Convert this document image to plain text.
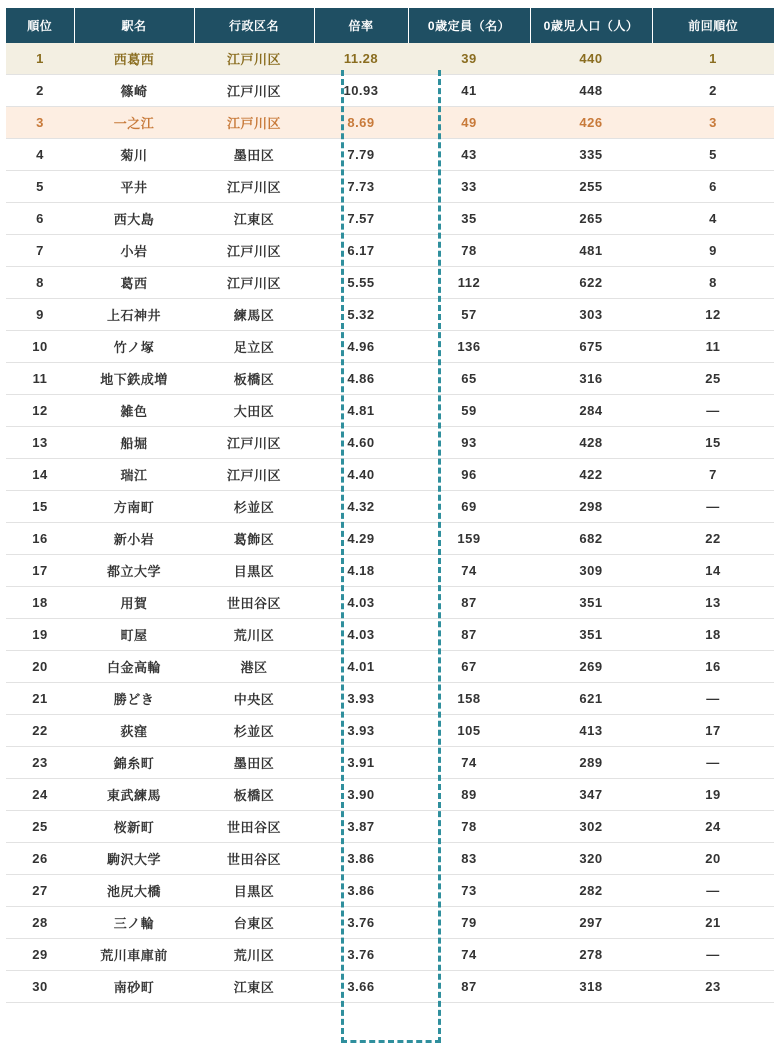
順位	駅名	行政区名	倍率	0歳定員（名）	0歳児人口（人）	前回順位
1	西葛西	江戸川区	11.28	39	440	1
2	篠崎	江戸川区	10.93	41	448	2
3	一之江	江戸川区	8.69	49	426	3
4	菊川	墨田区	7.79	43	335	5
5	平井	江戸川区	7.73	33	255	6
6	西大島	江東区	7.57	35	265	4
7	小岩	江戸川区	6.17	78	481	9
8	葛西	江戸川区	5.55	112	622	8
9	上石神井	練馬区	5.32	57	303	12
10	竹ノ塚	足立区	4.96	136	675	11
11	地下鉄成増	板橋区	4.86	65	316	25
12	雑色	大田区	4.81	59	284	—
13	船堀	江戸川区	4.60	93	428	15
14	瑞江	江戸川区	4.40	96	422	7
15	方南町	杉並区	4.32	69	298	—
16	新小岩	葛飾区	4.29	159	682	22
17	都立大学	目黒区	4.18	74	309	14
18	用賀	世田谷区	4.03	87	351	13
19	町屋	荒川区	4.03	87	351	18
20	白金高輪	港区	4.01	67	269	16
21	勝どき	中央区	3.93	158	621	—
22	荻窪	杉並区	3.93	105	413	17
23	錦糸町	墨田区	3.91	74	289	—
24	東武練馬	板橋区	3.90	89	347	19
25	桜新町	世田谷区	3.87	78	302	24
26	駒沢大学	世田谷区	3.86	83	320	20
27	池尻大橋	目黒区	3.86	73	282	—
28	三ノ輪	台東区	3.76	79	297	21
29	荒川車庫前	荒川区	3.76	74	278	—
30	南砂町	江東区	3.66	87	318	23
